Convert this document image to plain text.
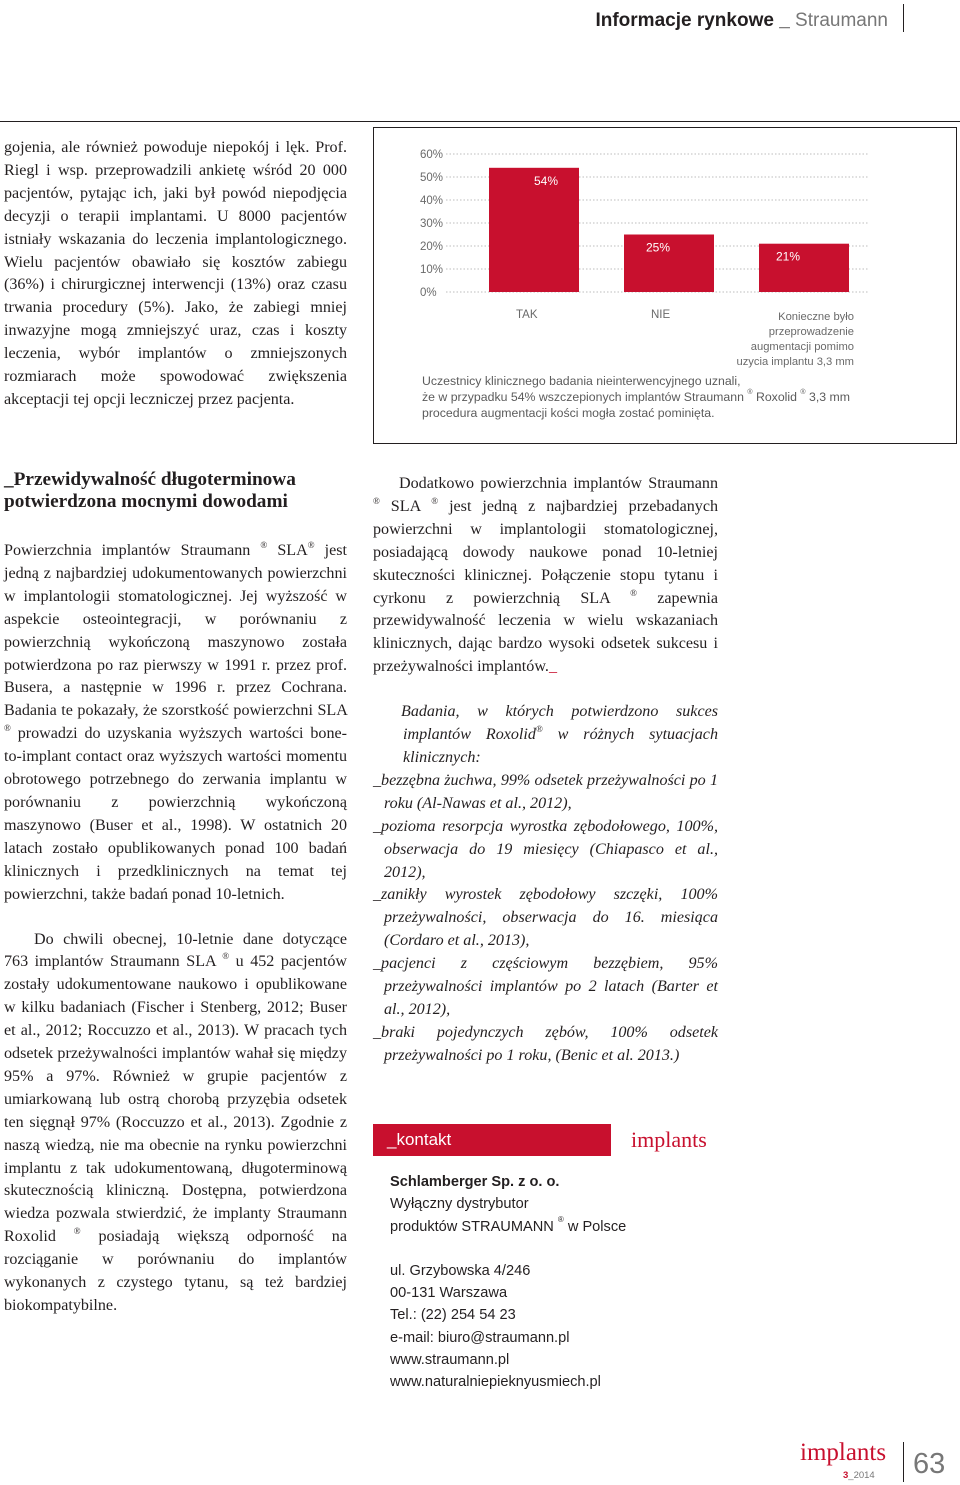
Informacje rynkowe _ Straumann

gojenia, ale również powoduje niepokój i lęk. Prof. Riegl i wsp. przeprowadzili ankietę wśród 20 000 pacjentów, pytając ich, jaki był powód niepodjęcia decyzji o terapii implantami. U 8000 pacjentów istniały wskazania do leczenia implantologicznego. Wielu pacjentów obawiało się kosztów zabiegu (36%) i chirurgicznej interwencji (13%) oraz czasu trwania procedury (5%). Jako, że zabiegi mniej inwazyjne mogą zmniejszyć uraz, czas i koszty leczenia, wybór implantów o zmniejszonych rozmiarach może spowodować zwiększenia akceptacji tej opcji leczniczej przez pacjenta.

0%
10%
20%
30%
40%
50%
60%
54%
25%
21%
TAK	NIE	Konieczne było przeprowadzenie
augmentacji pomimo
uzycia implantu 3,3 mm
Uczestnicy klinicznego badania nieinterwencyjnego uznali,
że w przypadku 54% wszczepionych implantów Straumann ® Roxolid ® 3,3 mm
procedura augmentacji kości mogła zostać pominięta.
_Przewidywalność długoterminowa potwierdzona mocnymi dowodami

Powierzchnia implantów Straumann ® SLA® jest jedną z najbardziej udokumentowanych powierzchni w implantologii stomatologicznej. Jej wyższość w aspekcie osteointegracji, w porównaniu z powierzchnią wykończoną maszynowo została potwierdzona po raz pierwszy w 1991 r. przez prof. Busera, a następnie w 1996 r. przez Cochrana. Badania te pokazały, że szorstkość powierzchni SLA ® prowadzi do uzyskania wyższych wartości bone-to-implant contact oraz wyższych wartości momentu obrotowego potrzebnego do zerwania implantu w porównaniu z powierzchnią wykończoną maszynowo (Buser et al., 1998). W ostatnich 20 latach zostało opublikowanych ponad 100 badań klinicznych i przedklinicznych na temat tej powierzchni, także badań ponad 10-letnich.

Do chwili obecnej, 10-letnie dane dotyczące 763 implantów Straumann SLA ® u 452 pacjentów zostały udokumentowane naukowo i opublikowane w kilku badaniach (Fischer i Stenberg, 2012; Buser et al., 2012; Roccuzzo et al., 2013). W pracach tych odsetek przeżywalności implantów wahał się między 95% a 97%. Również w grupie pacjentów z umiarkowaną lub ostrą chorobą przyzębia odsetek ten sięgnął 97% (Roccuzzo et al., 2013). Zgodnie z naszą wiedzą, nie ma obecnie na rynku powierzchni implantu z tak udokumentowaną, długoterminową skutecznością kliniczną. Dostępna, potwierdzona wiedza pozwala stwierdzić, że implanty Straumann Roxolid ® posiadają większą odporność na rozciąganie w porównaniu do implantów wykonanych z czystego tytanu, są też bardziej biokompatybilne.

Dodatkowo powierzchnia implantów Straumann ® SLA ® jest jedną z najbardziej przebadanych powierzchni w implantologii stomatologicznej, posiadającą dowody naukowe ponad 10-letniej skuteczności klinicznej. Połączenie stopu tytanu i cyrkonu z powierzchnią SLA ® zapewnia przewidywalność leczenia w wielu wskazaniach klinicznych, dając bardzo wysoki odsetek sukcesu i przeżywalności implantów._

Badania, w których potwierdzono sukces implantów Roxolid® w różnych sytuacjach klinicznych:
_bezzębna żuchwa, 99% odsetek przeżywalności po 1 roku (Al-Nawas et al., 2012),
_pozioma resorpcja wyrostka zębodołowego, 100%, obserwacja do 19 miesięcy (Chiapasco et al., 2012),
_zanikły wyrostek zębodołowy szczęki, 100% przeżywalności, obserwacja do 16. miesiąca (Cordaro et al., 2013),
_pacjenci z częściowym bezzębiem, 95% przeżywalności implantów po 2 latach (Barter et al., 2012),
_braki pojedynczych zębów, 100% odsetek przeżywalności po 1 roku, (Benic et al. 2013.)
_kontakt	implants
Schlamberger Sp. z o. o.
Wyłączny dystrybutor
produktów STRAUMANN ® w Polsce
ul. Grzybowska 4/246
00-131 Warszawa
Tel.: (22) 254 54 23
e-mail: biuro@straumann.pl
www.straumann.pl
www.naturalniepieknyusmiech.pl
implants
3_2014 63
